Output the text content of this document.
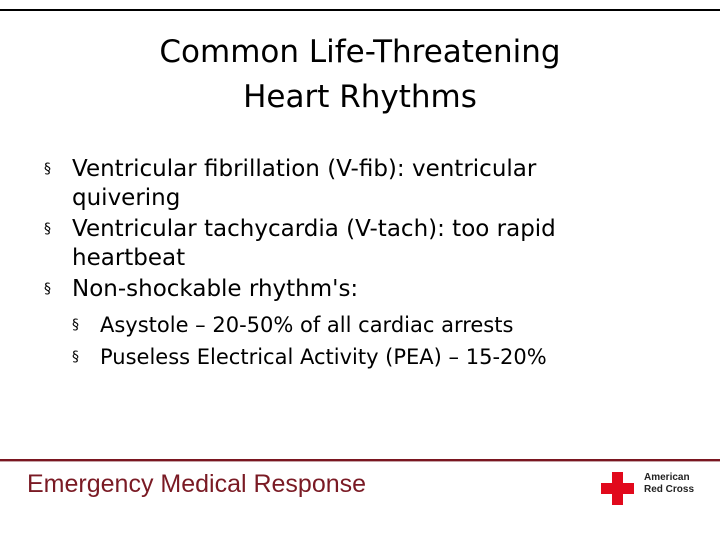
Common Life-Threatening
Heart Rhythms
§ Ventricular fibrillation (V-fib): ventricular
quivering
§ Ventricular tachycardia (V-tach): too rapid
heartbeat
§ Non-shockable rhythm's:
§ Asystole – 20-50% of all cardiac arrests
§ Puseless Electrical Activity (PEA) – 15-20%
Emergency Medical Response	American
Red Cross
